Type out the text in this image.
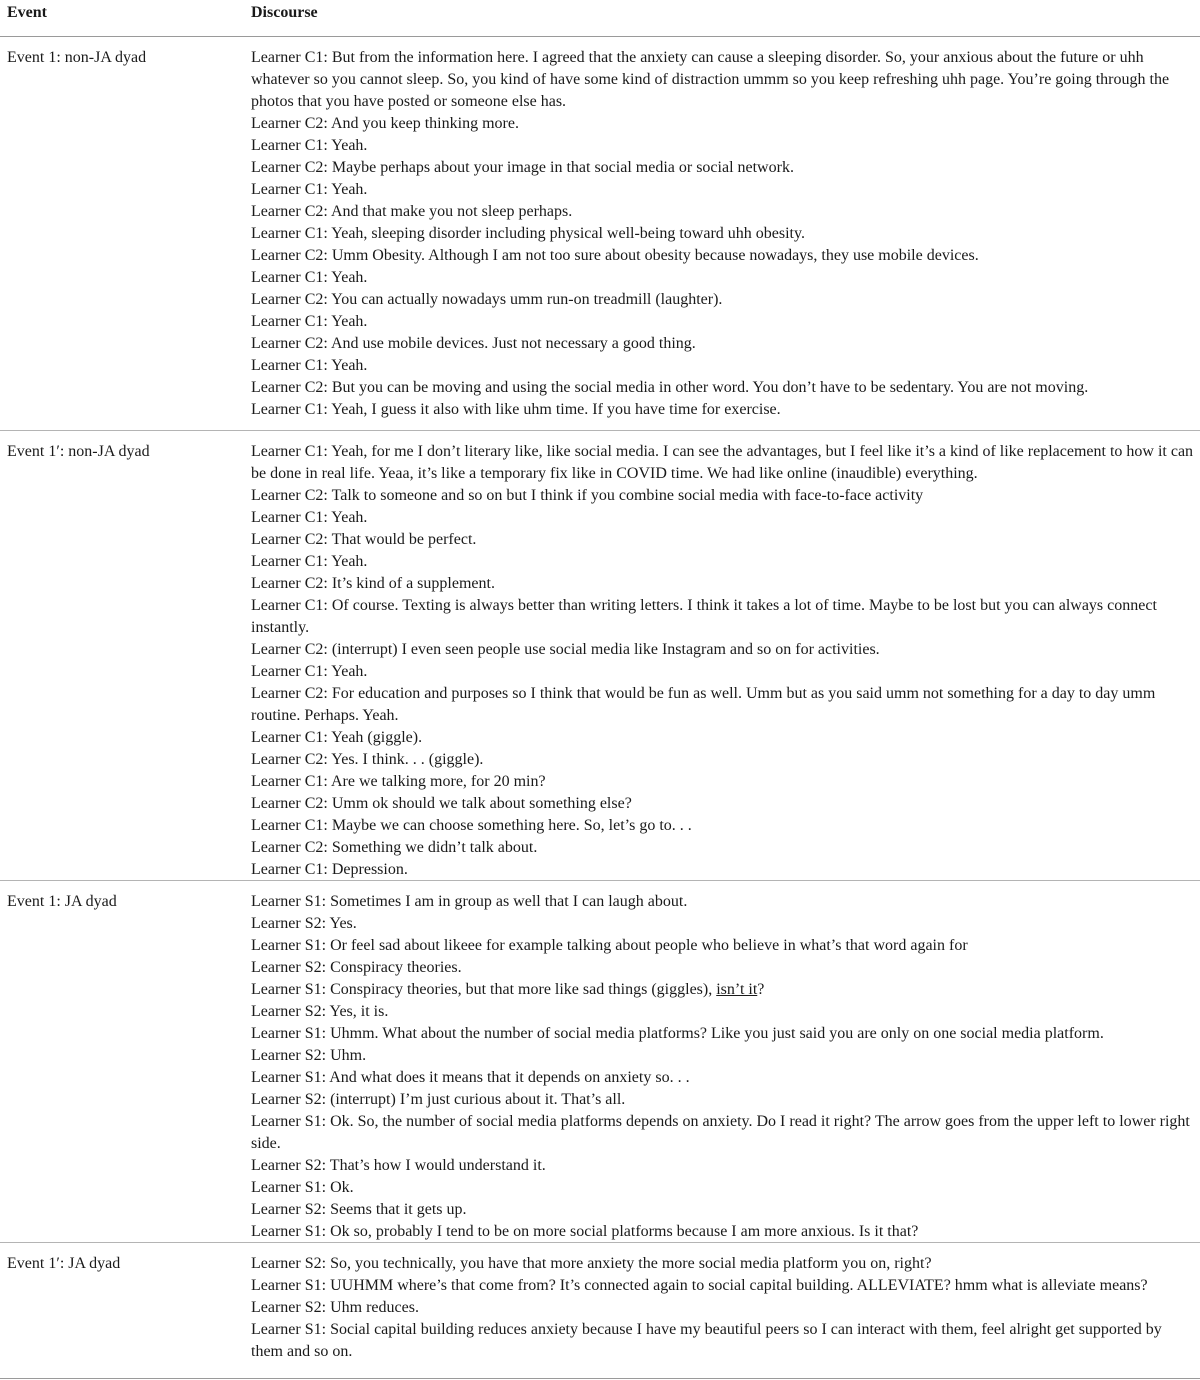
Event	Discourse
Event 1: non-JA dyad	Learner C1: But from the information here. I agreed that the anxiety can cause a sleeping disorder. So, your anxious about the future or uhh whatever so you cannot sleep. So, you kind of have some kind of distraction ummm so you keep refreshing uhh page. You’re going through the photos that you have posted or someone else has.
Learner C2: And you keep thinking more.
Learner C1: Yeah.
Learner C2: Maybe perhaps about your image in that social media or social network.
Learner C1: Yeah.
Learner C2: And that make you not sleep perhaps.
Learner C1: Yeah, sleeping disorder including physical well-being toward uhh obesity.
Learner C2: Umm Obesity. Although I am not too sure about obesity because nowadays, they use mobile devices.
Learner C1: Yeah.
Learner C2: You can actually nowadays umm run-on treadmill (laughter).
Learner C1: Yeah.
Learner C2: And use mobile devices. Just not necessary a good thing.
Learner C1: Yeah.
Learner C2: But you can be moving and using the social media in other word. You don’t have to be sedentary. You are not moving.
Learner C1: Yeah, I guess it also with like uhm time. If you have time for exercise.
Event 1′: non-JA dyad	Learner C1: Yeah, for me I don’t literary like, like social media. I can see the advantages, but I feel like it’s a kind of like replacement to how it can be done in real life. Yeaa, it’s like a temporary fix like in COVID time. We had like online (inaudible) everything.
Learner C2: Talk to someone and so on but I think if you combine social media with face-to-face activity
Learner C1: Yeah.
Learner C2: That would be perfect.
Learner C1: Yeah.
Learner C2: It’s kind of a supplement.
Learner C1: Of course. Texting is always better than writing letters. I think it takes a lot of time. Maybe to be lost but you can always connect instantly.
Learner C2: (interrupt) I even seen people use social media like Instagram and so on for activities.
Learner C1: Yeah.
Learner C2: For education and purposes so I think that would be fun as well. Umm but as you said umm not something for a day to day umm routine. Perhaps. Yeah.
Learner C1: Yeah (giggle).
Learner C2: Yes. I think. . . (giggle).
Learner C1: Are we talking more, for 20 min?
Learner C2: Umm ok should we talk about something else?
Learner C1: Maybe we can choose something here. So, let’s go to. . .
Learner C2: Something we didn’t talk about.
Learner C1: Depression.
Event 1: JA dyad	Learner S1: Sometimes I am in group as well that I can laugh about.
Learner S2: Yes.
Learner S1: Or feel sad about likeee for example talking about people who believe in what’s that word again for
Learner S2: Conspiracy theories.
Learner S1: Conspiracy theories, but that more like sad things (giggles), isn’t it?
Learner S2: Yes, it is.
Learner S1: Uhmm. What about the number of social media platforms? Like you just said you are only on one social media platform.
Learner S2: Uhm.
Learner S1: And what does it means that it depends on anxiety so. . .
Learner S2: (interrupt) I’m just curious about it. That’s all.
Learner S1: Ok. So, the number of social media platforms depends on anxiety. Do I read it right? The arrow goes from the upper left to lower right side.
Learner S2: That’s how I would understand it.
Learner S1: Ok.
Learner S2: Seems that it gets up.
Learner S1: Ok so, probably I tend to be on more social platforms because I am more anxious. Is it that?
Event 1′: JA dyad	Learner S2: So, you technically, you have that more anxiety the more social media platform you on, right?
Learner S1: UUHMM where’s that come from? It’s connected again to social capital building. ALLEVIATE? hmm what is alleviate means?
Learner S2: Uhm reduces.
Learner S1: Social capital building reduces anxiety because I have my beautiful peers so I can interact with them, feel alright get supported by them and so on.
